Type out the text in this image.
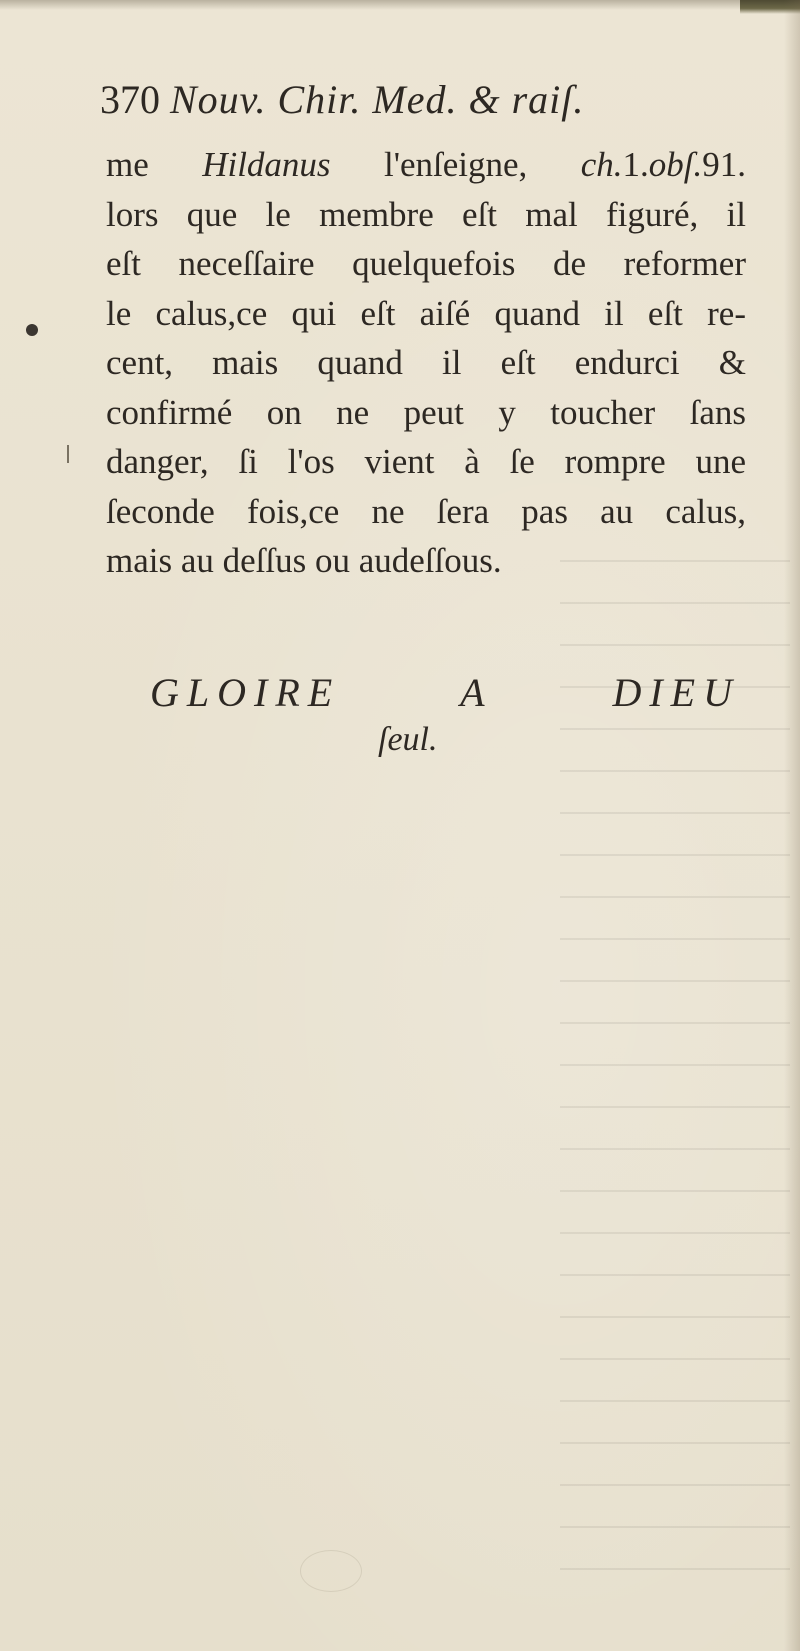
370 Nouv. Chir. Med. & raiſ.
me Hildanus l'enſeigne, ch.1.obſ.91.
lors que le membre eſt mal figuré, il
eſt neceſſaire quelquefois de reformer
le calus,ce qui eſt aiſé quand il eſt re-
cent, mais quand il eſt endurci &
confirmé on ne peut y toucher ſans
danger, ſi l'os vient à ſe rompre une
ſeconde fois,ce ne ſera pas au calus,
mais au deſſus ou audeſſous.
GLOIRE	A	DIEU
ſeul.
